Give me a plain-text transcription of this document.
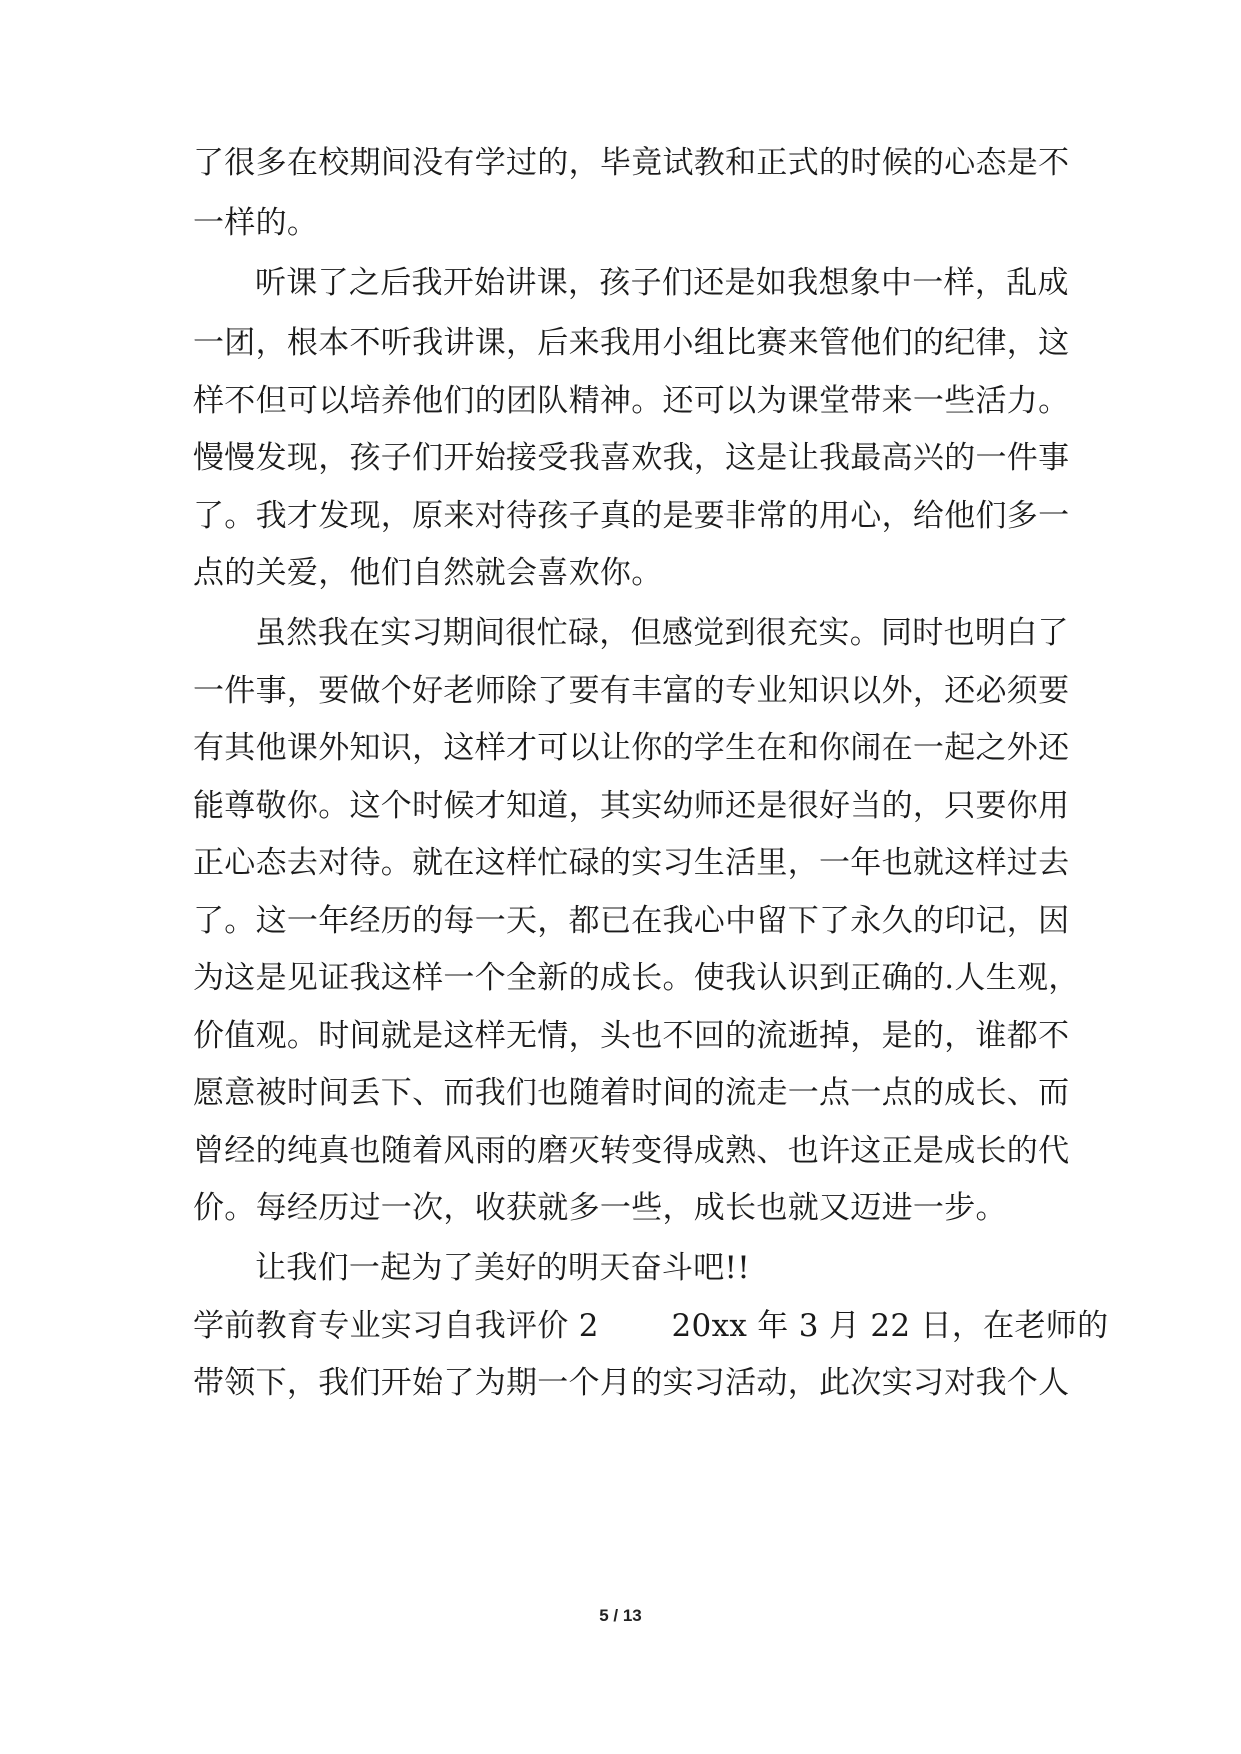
了很多在校期间没有学过的，毕竟试教和正式的时候的心态是不
一样的。
听课了之后我开始讲课，孩子们还是如我想象中一样，乱成
一团，根本不听我讲课，后来我用小组比赛来管他们的纪律，这
样不但可以培养他们的团队精神。还可以为课堂带来一些活力。
慢慢发现，孩子们开始接受我喜欢我，这是让我最高兴的一件事
了。我才发现，原来对待孩子真的是要非常的用心，给他们多一
点的关爱，他们自然就会喜欢你。
虽然我在实习期间很忙碌，但感觉到很充实。同时也明白了
一件事，要做个好老师除了要有丰富的专业知识以外，还必须要
有其他课外知识，这样才可以让你的学生在和你闹在一起之外还
能尊敬你。这个时候才知道，其实幼师还是很好当的，只要你用
正心态去对待。就在这样忙碌的实习生活里，一年也就这样过去
了。这一年经历的每一天，都已在我心中留下了永久的印记，因
为这是见证我这样一个全新的成长。使我认识到正确的.人生观，
价值观。时间就是这样无情，头也不回的流逝掉，是的，谁都不
愿意被时间丢下、而我们也随着时间的流走一点一点的成长、而
曾经的纯真也随着风雨的磨灭转变得成熟、也许这正是成长的代
价。每经历过一次，收获就多一些，成长也就又迈进一步。
让我们一起为了美好的明天奋斗吧!!
学前教育专业实习自我评价 2　　 20xx 年 3 月 22 日，在老师的
带领下，我们开始了为期一个月的实习活动，此次实习对我个人
5 / 13
